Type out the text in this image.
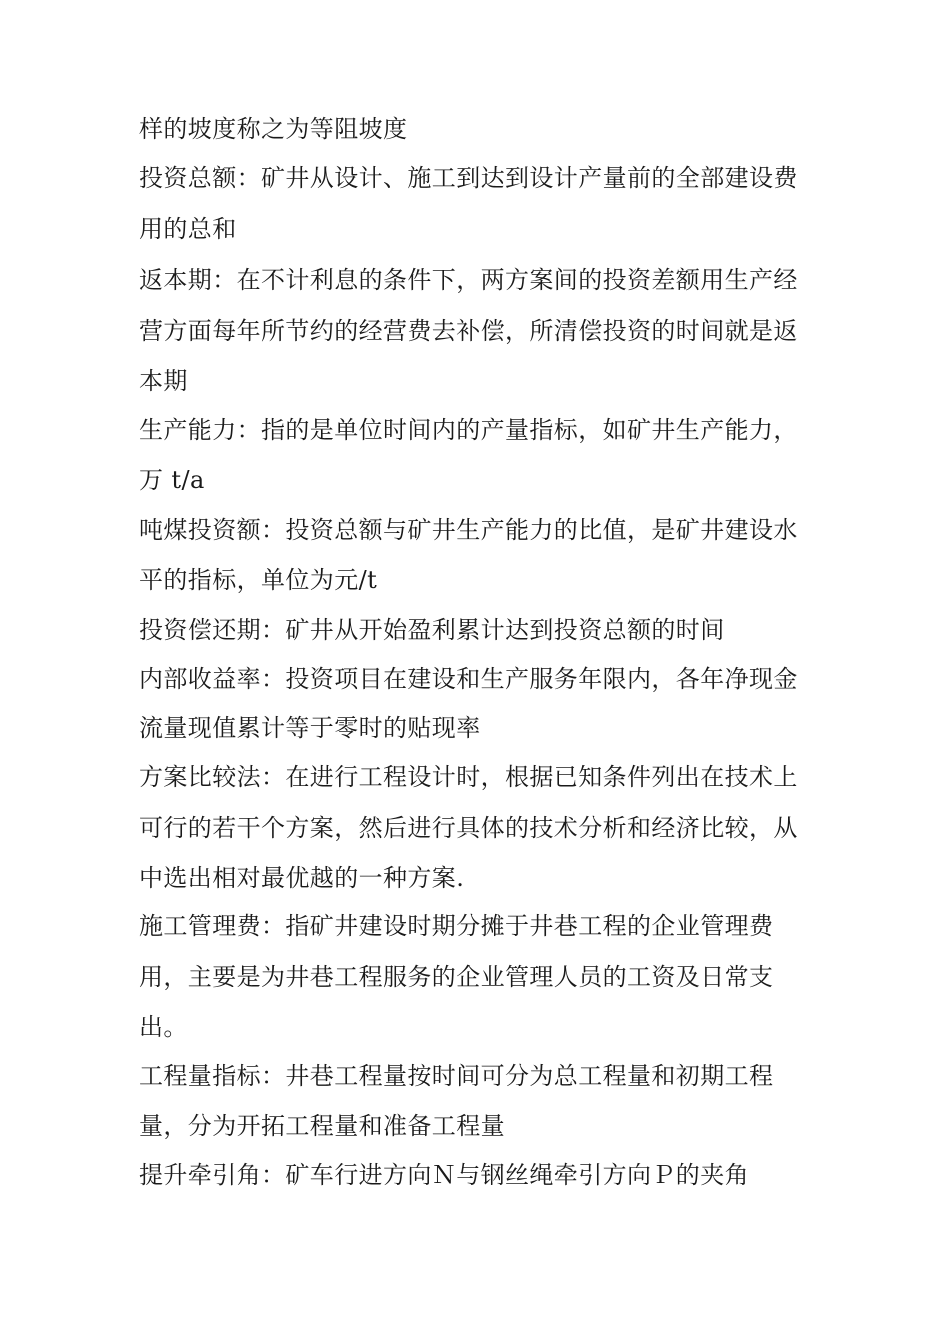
样的坡度称之为等阻坡度
投资总额：矿井从设计、施工到达到设计产量前的全部建设费
用的总和
返本期：在不计利息的条件下，两方案间的投资差额用生产经
营方面每年所节约的经营费去补偿，所清偿投资的时间就是返
本期
生产能力：指的是单位时间内的产量指标，如矿井生产能力，
万 t/a
吨煤投资额：投资总额与矿井生产能力的比值，是矿井建设水
平的指标，单位为元/t
投资偿还期：矿井从开始盈利累计达到投资总额的时间
内部收益率：投资项目在建设和生产服务年限内，各年净现金
流量现值累计等于零时的贴现率
方案比较法：在进行工程设计时，根据已知条件列出在技术上
可行的若干个方案，然后进行具体的技术分析和经济比较，从
中选出相对最优越的一种方案.
施工管理费：指矿井建设时期分摊于井巷工程的企业管理费
用，主要是为井巷工程服务的企业管理人员的工资及日常支
出。
工程量指标：井巷工程量按时间可分为总工程量和初期工程
量，分为开拓工程量和准备工程量
提升牵引角：矿车行进方向Ｎ与钢丝绳牵引方向Ｐ的夹角
